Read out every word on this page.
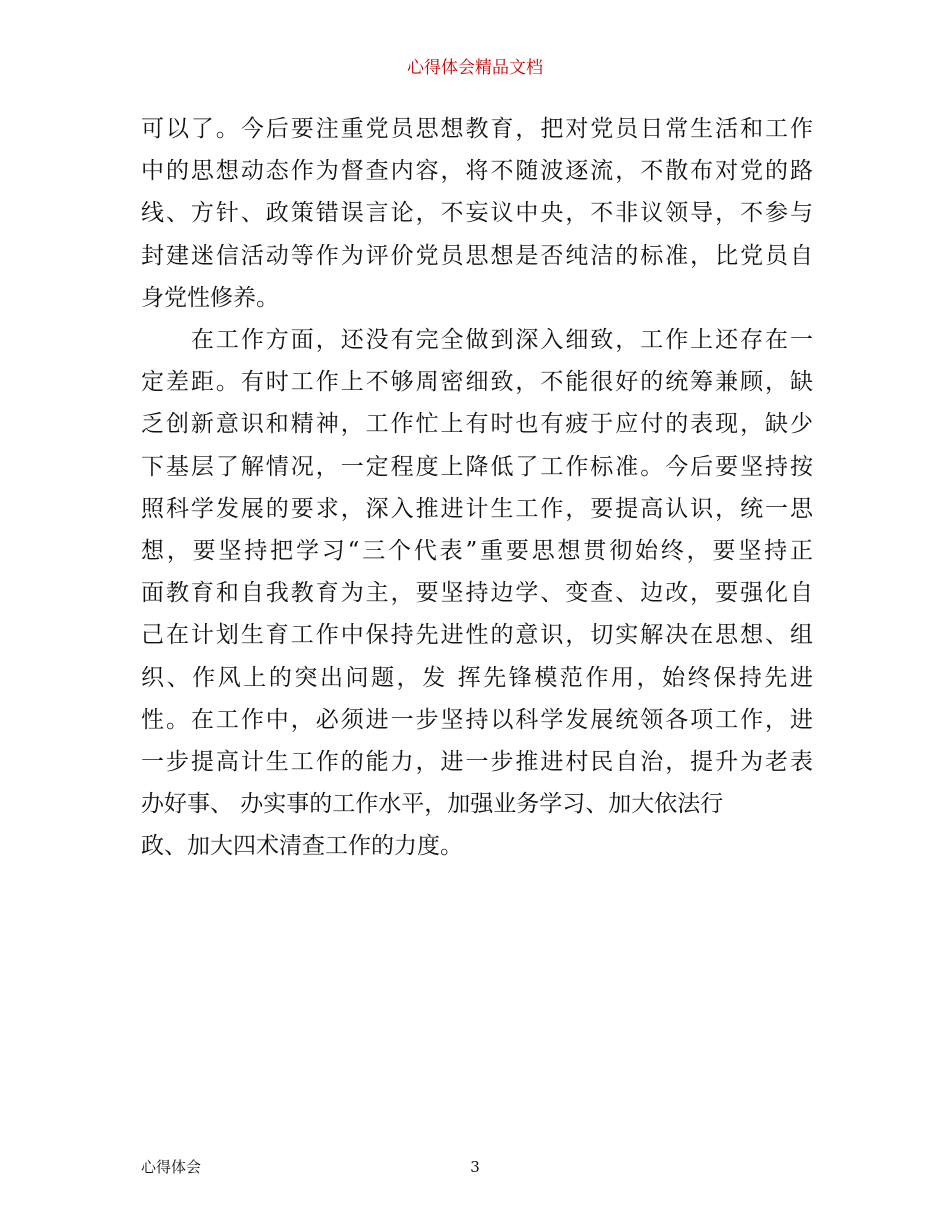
心得体会精品文档
可以了。今后要注重党员思想教育，把对党员日常生活和工作
中的思想动态作为督查内容，将不随波逐流，不散布对党的路
线、方针、政策错误言论，不妄议中央，不非议领导，不参与
封建迷信活动等作为评价党员思想是否纯洁的标准，比党员自
身党性修养。
　　在工作方面，还没有完全做到深入细致，工作上还存在一
定差距。有时工作上不够周密细致，不能很好的统筹兼顾，缺
乏创新意识和精神，工作忙上有时也有疲于应付的表现，缺少
下基层了解情况，一定程度上降低了工作标准。今后要坚持按
照科学发展的要求，深入推进计生工作，要提高认识，统一思
想，要坚持把学习“三个代表”重要思想贯彻始终，要坚持正
面教育和自我教育为主，要坚持边学、变查、边改，要强化自
己在计划生育工作中保持先进性的意识，切实解决在思想、组
织、作风上的突出问题，发 挥先锋模范作用，始终保持先进
性。在工作中，必须进一步坚持以科学发展统领各项工作，进
一步提高计生工作的能力，进一步推进村民自治，提升为老表
办好事、 办实事的工作水平，加强业务学习、加大依法行
政、加大四术清查工作的力度。
心得体会	3
